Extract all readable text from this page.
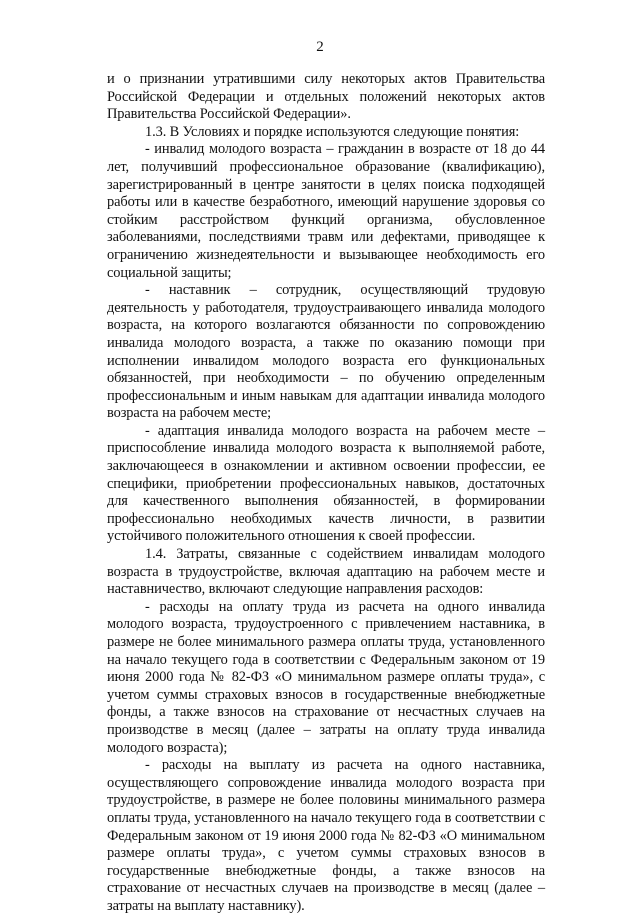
2

и о признании утратившими силу некоторых актов Правительства Российской Федерации и отдельных положений некоторых актов Правительства Российской Федерации».

1.3. В Условиях и порядке используются следующие понятия:

- инвалид молодого возраста – гражданин в возрасте от 18 до 44 лет, получивший профессиональное образование (квалификацию), зарегистрированный в центре занятости в целях поиска подходящей работы или в качестве безработного, имеющий нарушение здоровья со стойким расстройством функций организма, обусловленное заболеваниями, последствиями травм или дефектами, приводящее к ограничению жизнедеятельности и вызывающее необходимость его социальной защиты;

- наставник – сотрудник, осуществляющий трудовую деятельность у работодателя, трудоустраивающего инвалида молодого возраста, на которого возлагаются обязанности по сопровождению инвалида молодого возраста, а также по оказанию помощи при исполнении инвалидом молодого возраста его функциональных обязанностей, при необходимости – по обучению определенным профессиональным и иным навыкам для адаптации инвалида молодого возраста на рабочем месте;

- адаптация инвалида молодого возраста на рабочем месте – приспособление инвалида молодого возраста к выполняемой работе, заключающееся в ознакомлении и активном освоении профессии, ее специфики, приобретении профессиональных навыков, достаточных для качественного выполнения обязанностей, в формировании профессионально необходимых качеств личности, в развитии устойчивого положительного отношения к своей профессии.

1.4. Затраты, связанные с содействием инвалидам молодого возраста в трудоустройстве, включая адаптацию на рабочем месте и наставничество, включают следующие направления расходов:

- расходы на оплату труда из расчета на одного инвалида молодого возраста, трудоустроенного с привлечением наставника, в размере не более минимального размера оплаты труда, установленного на начало текущего года в соответствии с Федеральным законом от 19 июня 2000 года № 82-ФЗ «О минимальном размере оплаты труда», с учетом суммы страховых взносов в государственные внебюджетные фонды, а также взносов на страхование от несчастных случаев на производстве в месяц (далее – затраты на оплату труда инвалида молодого возраста);

- расходы на выплату из расчета на одного наставника, осуществляющего сопровождение инвалида молодого возраста при трудоустройстве, в размере не более половины минимального размера оплаты труда, установленного на начало текущего года в соответствии с Федеральным законом от 19 июня 2000 года № 82-ФЗ «О минимальном размере оплаты труда», с учетом суммы страховых взносов в государственные внебюджетные фонды, а также взносов на страхование от несчастных случаев на производстве в месяц (далее – затраты на выплату наставнику).
